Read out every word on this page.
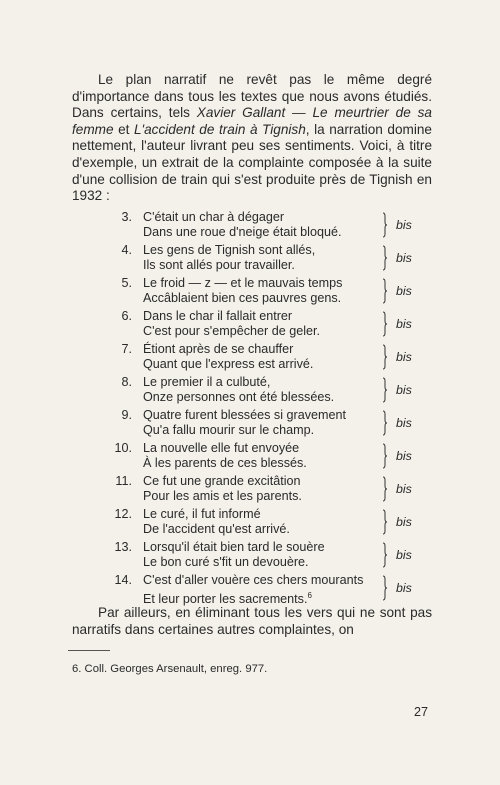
Le plan narratif ne revêt pas le même degré d'importance dans tous les textes que nous avons étudiés. Dans certains, tels Xavier Gallant — Le meurtrier de sa femme et L'accident de train à Tignish, la narration domine nettement, l'auteur livrant peu ses sentiments. Voici, à titre d'exemple, un extrait de la complainte composée à la suite d'une collision de train qui s'est produite près de Tignish en 1932 :

3. C'était un char à dégager
Dans une roue d'neige était bloqué.
bis
4. Les gens de Tignish sont allés,
Ils sont allés pour travailler.
bis
5. Le froid — z — et le mauvais temps
Accâblaient bien ces pauvres gens.
bis
6. Dans le char il fallait entrer
C'est pour s'empêcher de geler.
bis
7. Étiont après de se chauffer
Quant que l'express est arrivé.
bis
8. Le premier il a culbuté,
Onze personnes ont été blessées.
bis
9. Quatre furent blessées si gravement
Qu'a fallu mourir sur le champ.
bis
10. La nouvelle elle fut envoyée
À les parents de ces blessés.
bis
11. Ce fut une grande excitâtion
Pour les amis et les parents.
bis
12. Le curé, il fut informé
De l'accident qu'est arrivé.
bis
13. Lorsqu'il était bien tard le souère
Le bon curé s'fit un devouère.
bis
14. C'est d'aller vouère ces chers mourants
Et leur porter les sacrements.$^6$
bis

Par ailleurs, en éliminant tous les vers qui ne sont pas narratifs dans certaines autres complaintes, on

6. Coll. Georges Arsenault, enreg. 977.
27
